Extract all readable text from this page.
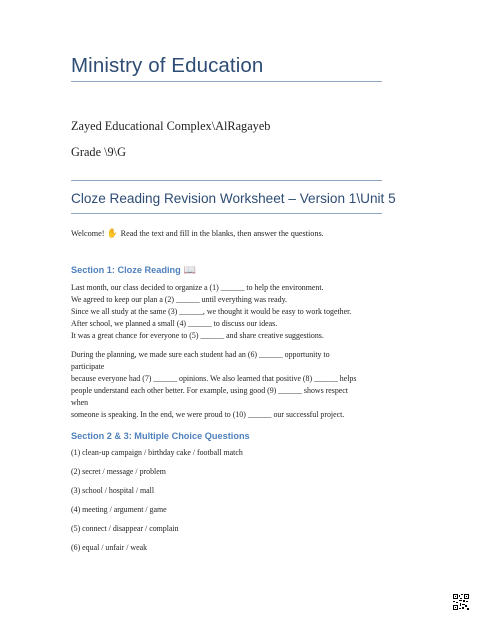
Ministry of Education
Zayed Educational Complex\AlRagayeb
Grade \9\G
Cloze Reading Revision Worksheet – Version 1\Unit 5
Welcome! ✋ Read the text and fill in the blanks, then answer the questions.
Section 1: Cloze Reading 📖
Last month, our class decided to organize a (1) ______ to help the environment.
We agreed to keep our plan a (2) ______ until everything was ready.
Since we all study at the same (3) ______, we thought it would be easy to work together.
After school, we planned a small (4) ______ to discuss our ideas.
It was a great chance for everyone to (5) ______ and share creative suggestions.
During the planning, we made sure each student had an (6) ______ opportunity to
participate
because everyone had (7) ______ opinions. We also learned that positive (8) ______ helps
people understand each other better. For example, using good (9) ______ shows respect
when
someone is speaking. In the end, we were proud to (10) ______ our successful project.
Section 2 & 3: Multiple Choice Questions
(1) clean-up campaign / birthday cake / football match
(2) secret / message / problem
(3) school / hospital / mall
(4) meeting / argument / game
(5) connect / disappear / complain
(6) equal / unfair / weak
